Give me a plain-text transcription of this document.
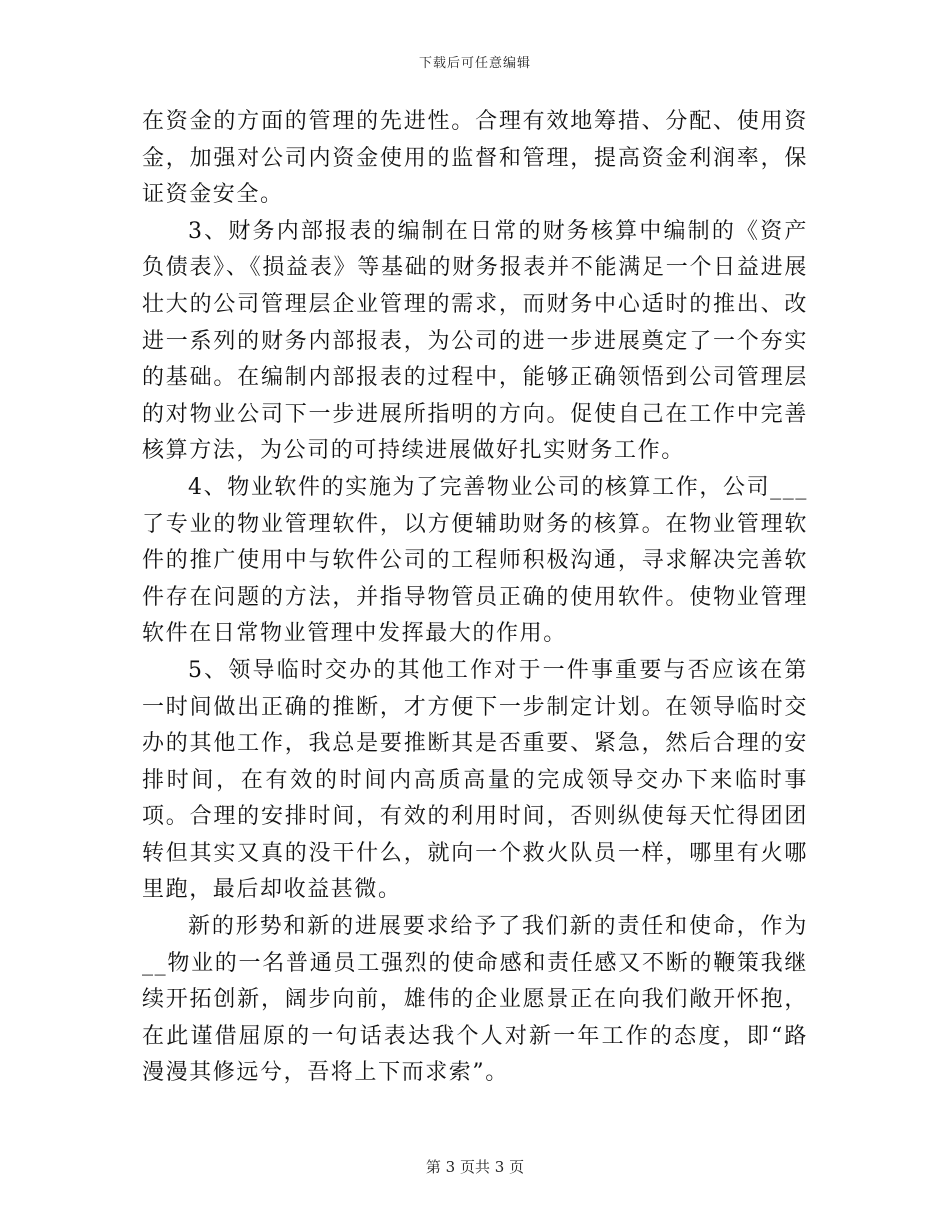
下载后可任意编辑

在资金的方面的管理的先进性。合理有效地筹措、分配、使用资金，加强对公司内资金使用的监督和管理，提高资金利润率，保证资金安全。

3、财务内部报表的编制在日常的财务核算中编制的《资产负债表》、《损益表》等基础的财务报表并不能满足一个日益进展壮大的公司管理层企业管理的需求，而财务中心适时的推出、改进一系列的财务内部报表，为公司的进一步进展奠定了一个夯实的基础。在编制内部报表的过程中，能够正确领悟到公司管理层的对物业公司下一步进展所指明的方向。促使自己在工作中完善核算方法，为公司的可持续进展做好扎实财务工作。

4、物业软件的实施为了完善物业公司的核算工作，公司___了专业的物业管理软件，以方便辅助财务的核算。在物业管理软件的推广使用中与软件公司的工程师积极沟通，寻求解决完善软件存在问题的方法，并指导物管员正确的使用软件。使物业管理软件在日常物业管理中发挥最大的作用。

5、领导临时交办的其他工作对于一件事重要与否应该在第一时间做出正确的推断，才方便下一步制定计划。在领导临时交办的其他工作，我总是要推断其是否重要、紧急，然后合理的安排时间，在有效的时间内高质高量的完成领导交办下来临时事项。合理的安排时间，有效的利用时间，否则纵使每天忙得团团转但其实又真的没干什么，就向一个救火队员一样，哪里有火哪里跑，最后却收益甚微。

新的形势和新的进展要求给予了我们新的责任和使命，作为__物业的一名普通员工强烈的使命感和责任感又不断的鞭策我继续开拓创新，阔步向前，雄伟的企业愿景正在向我们敞开怀抱，在此谨借屈原的一句话表达我个人对新一年工作的态度，即“路漫漫其修远兮，吾将上下而求索”。

第 3 页共 3 页
